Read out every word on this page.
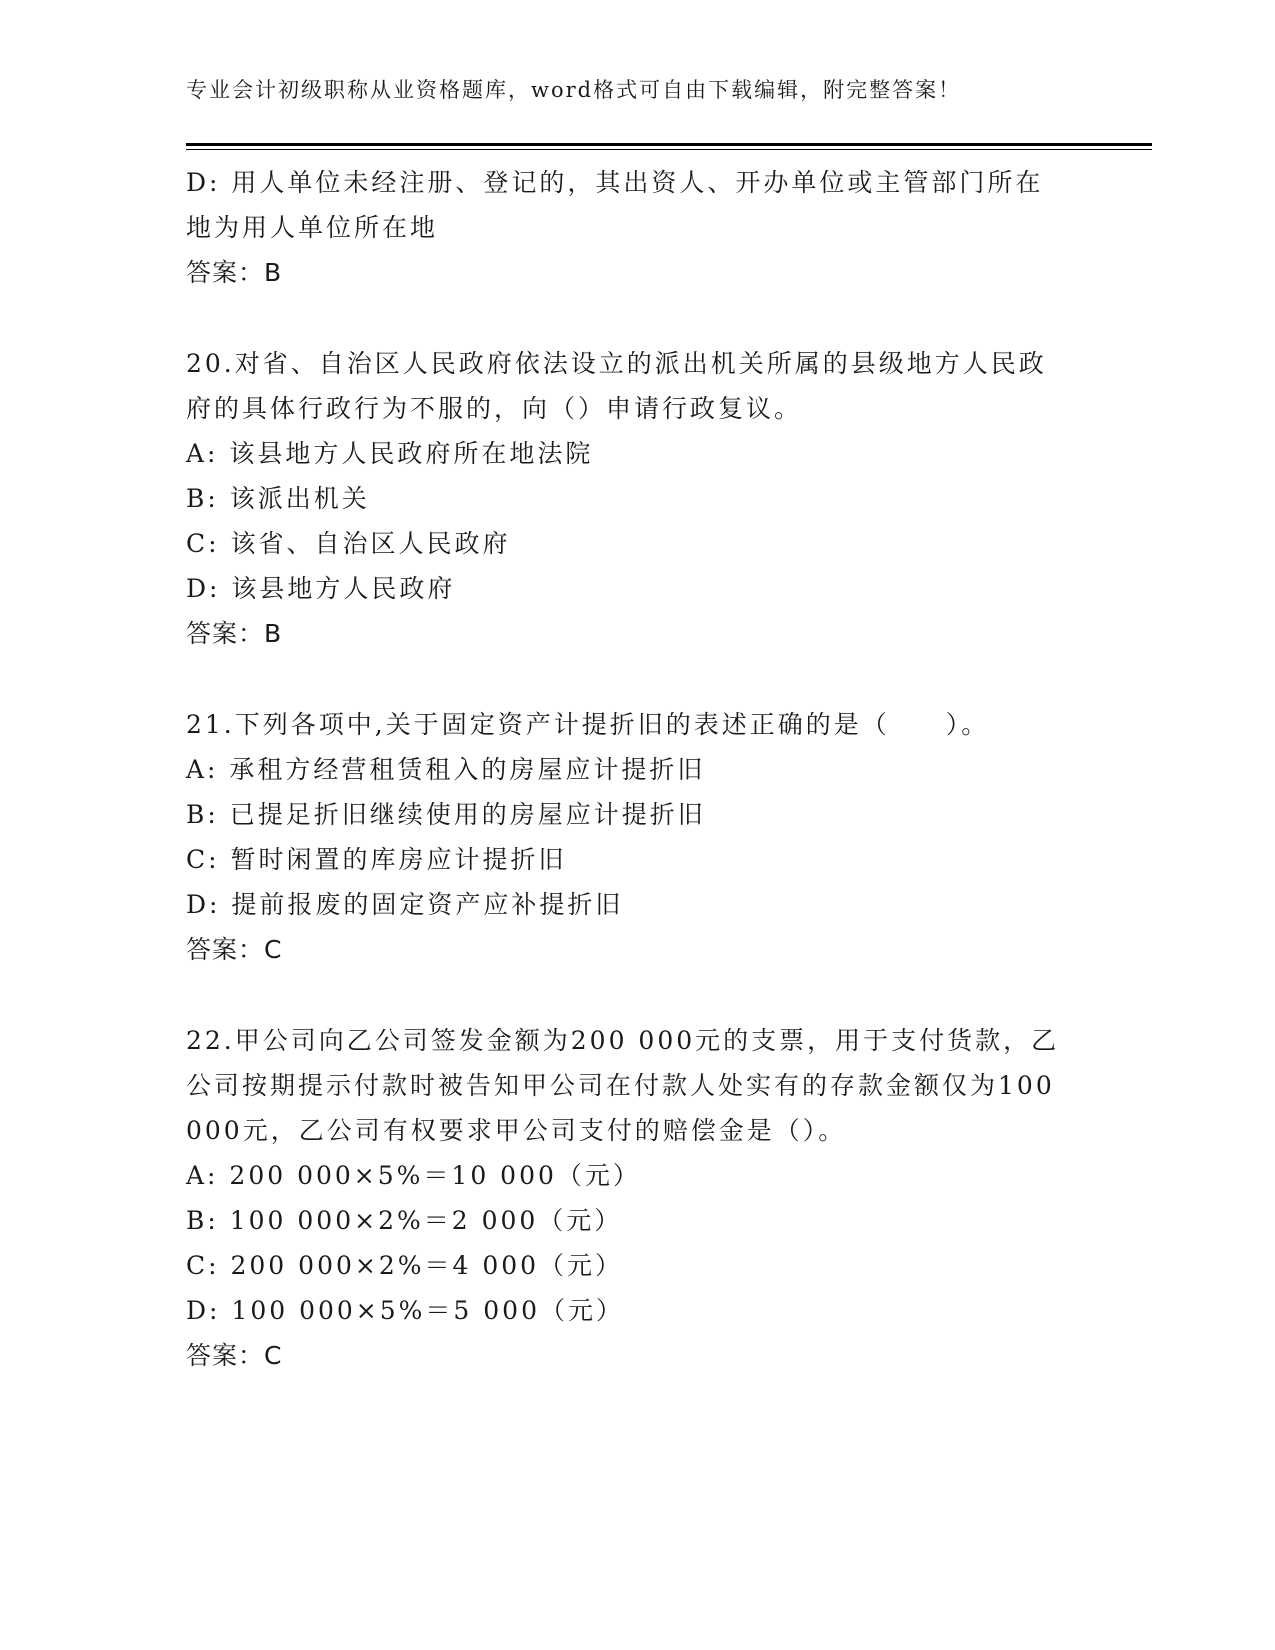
专业会计初级职称从业资格题库，word格式可自由下载编辑，附完整答案！
D: 用人单位未经注册、登记的，其出资人、开办单位或主管部门所在
地为用人单位所在地
答案：B
20.对省、自治区人民政府依法设立的派出机关所属的县级地方人民政
府的具体行政行为不服的，向（）申请行政复议。
A: 该县地方人民政府所在地法院
B: 该派出机关
C: 该省、自治区人民政府
D: 该县地方人民政府
答案：B
21.下列各项中,关于固定资产计提折旧的表述正确的是（　　）。
A: 承租方经营租赁租入的房屋应计提折旧
B: 已提足折旧继续使用的房屋应计提折旧
C: 暂时闲置的库房应计提折旧
D: 提前报废的固定资产应补提折旧
答案：C
22.甲公司向乙公司签发金额为200 000元的支票，用于支付货款，乙
公司按期提示付款时被告知甲公司在付款人处实有的存款金额仅为100
000元，乙公司有权要求甲公司支付的赔偿金是（）。
A: 200 000×5%＝10 000（元）
B: 100 000×2%＝2 000（元）
C: 200 000×2%＝4 000（元）
D: 100 000×5%＝5 000（元）
答案：C
